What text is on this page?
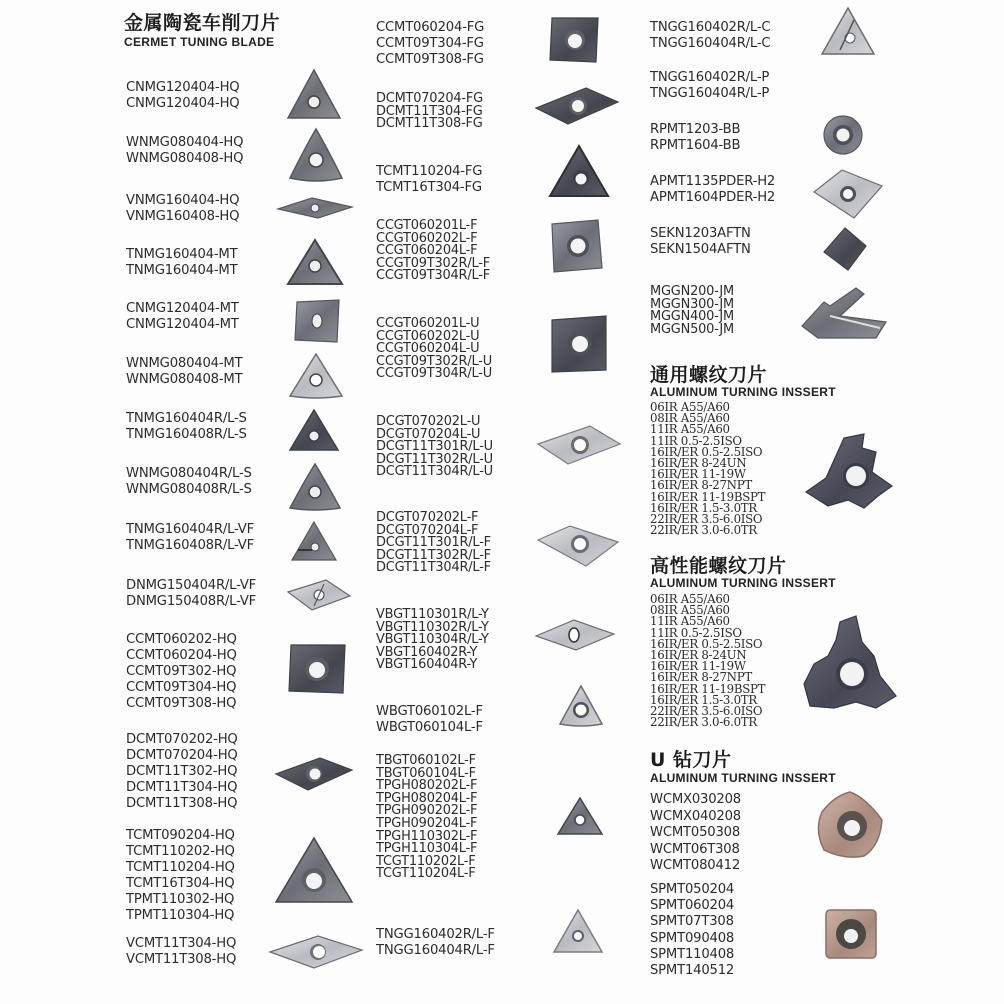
金属陶瓷车削刀片
CERMET TUNING BLADE
CNMG120404-HQ
CNMG120404-HQ
WNMG080404-HQ
WNMG080408-HQ
VNMG160404-HQ
VNMG160408-HQ
TNMG160404-MT
TNMG160404-MT
CNMG120404-MT
CNMG120404-MT
WNMG080404-MT
WNMG080408-MT
TNMG160404R/L-S
TNMG160408R/L-S
WNMG080404R/L-S
WNMG080408R/L-S
TNMG160404R/L-VF
TNMG160408R/L-VF
DNMG150404R/L-VF
DNMG150408R/L-VF
CCMT060202-HQ
CCMT060204-HQ
CCMT09T302-HQ
CCMT09T304-HQ
CCMT09T308-HQ
DCMT070202-HQ
DCMT070204-HQ
DCMT11T302-HQ
DCMT11T304-HQ
DCMT11T308-HQ
TCMT090204-HQ
TCMT110202-HQ
TCMT110204-HQ
TCMT16T304-HQ
TPMT110302-HQ
TPMT110304-HQ
VCMT11T304-HQ
VCMT11T308-HQ
CCMT060204-FG
CCMT09T304-FG
CCMT09T308-FG
DCMT070204-FG
DCMT11T304-FG
DCMT11T308-FG
TCMT110204-FG
TCMT16T304-FG
CCGT060201L-F
CCGT060202L-F
CCGT060204L-F
CCGT09T302R/L-F
CCGT09T304R/L-F
CCGT060201L-U
CCGT060202L-U
CCGT060204L-U
CCGT09T302R/L-U
CCGT09T304R/L-U
DCGT070202L-U
DCGT070204L-U
DCGT11T301R/L-U
DCGT11T302R/L-U
DCGT11T304R/L-U
DCGT070202L-F
DCGT070204L-F
DCGT11T301R/L-F
DCGT11T302R/L-F
DCGT11T304R/L-F
VBGT110301R/L-Y
VBGT110302R/L-Y
VBGT110304R/L-Y
VBGT160402R-Y
VBGT160404R-Y
WBGT060102L-F
WBGT060104L-F
TBGT060102L-F
TBGT060104L-F
TPGH080202L-F
TPGH080204L-F
TPGH090202L-F
TPGH090204L-F
TPGH110302L-F
TPGH110304L-F
TCGT110202L-F
TCGT110204L-F
TNGG160402R/L-F
TNGG160404R/L-F
TNGG160402R/L-C
TNGG160404R/L-C
TNGG160402R/L-P
TNGG160404R/L-P
RPMT1203-BB
RPMT1604-BB
APMT1135PDER-H2
APMT1604PDER-H2
SEKN1203AFTN
SEKN1504AFTN
MGGN200-JM
MGGN300-JM
MGGN400-JM
MGGN500-JM
通用螺纹刀片
ALUMINUM TURNING INSSERT
06IR A55/A60
08IR A55/A60
11IR A55/A60
11IR 0.5-2.5ISO
16IR/ER 0.5-2.5ISO
16IR/ER 8-24UN
16IR/ER 11-19W
16IR/ER 8-27NPT
16IR/ER 11-19BSPT
16IR/ER 1.5-3.0TR
22IR/ER 3.5-6.0ISO
22IR/ER 3.0-6.0TR
高性能螺纹刀片
ALUMINUM TURNING INSSERT
06IR A55/A60
08IR A55/A60
11IR A55/A60
11IR 0.5-2.5ISO
16IR/ER 0.5-2.5ISO
16IR/ER 8-24UN
16IR/ER 11-19W
16IR/ER 8-27NPT
16IR/ER 11-19BSPT
16IR/ER 1.5-3.0TR
22IR/ER 3.5-6.0ISO
22IR/ER 3.0-6.0TR
U 钻刀片
ALUMINUM TURNING INSSERT
WCMX030208
WCMX040208
WCMT050308
WCMT06T308
WCMT080412
SPMT050204
SPMT060204
SPMT07T308
SPMT090408
SPMT110408
SPMT140512
